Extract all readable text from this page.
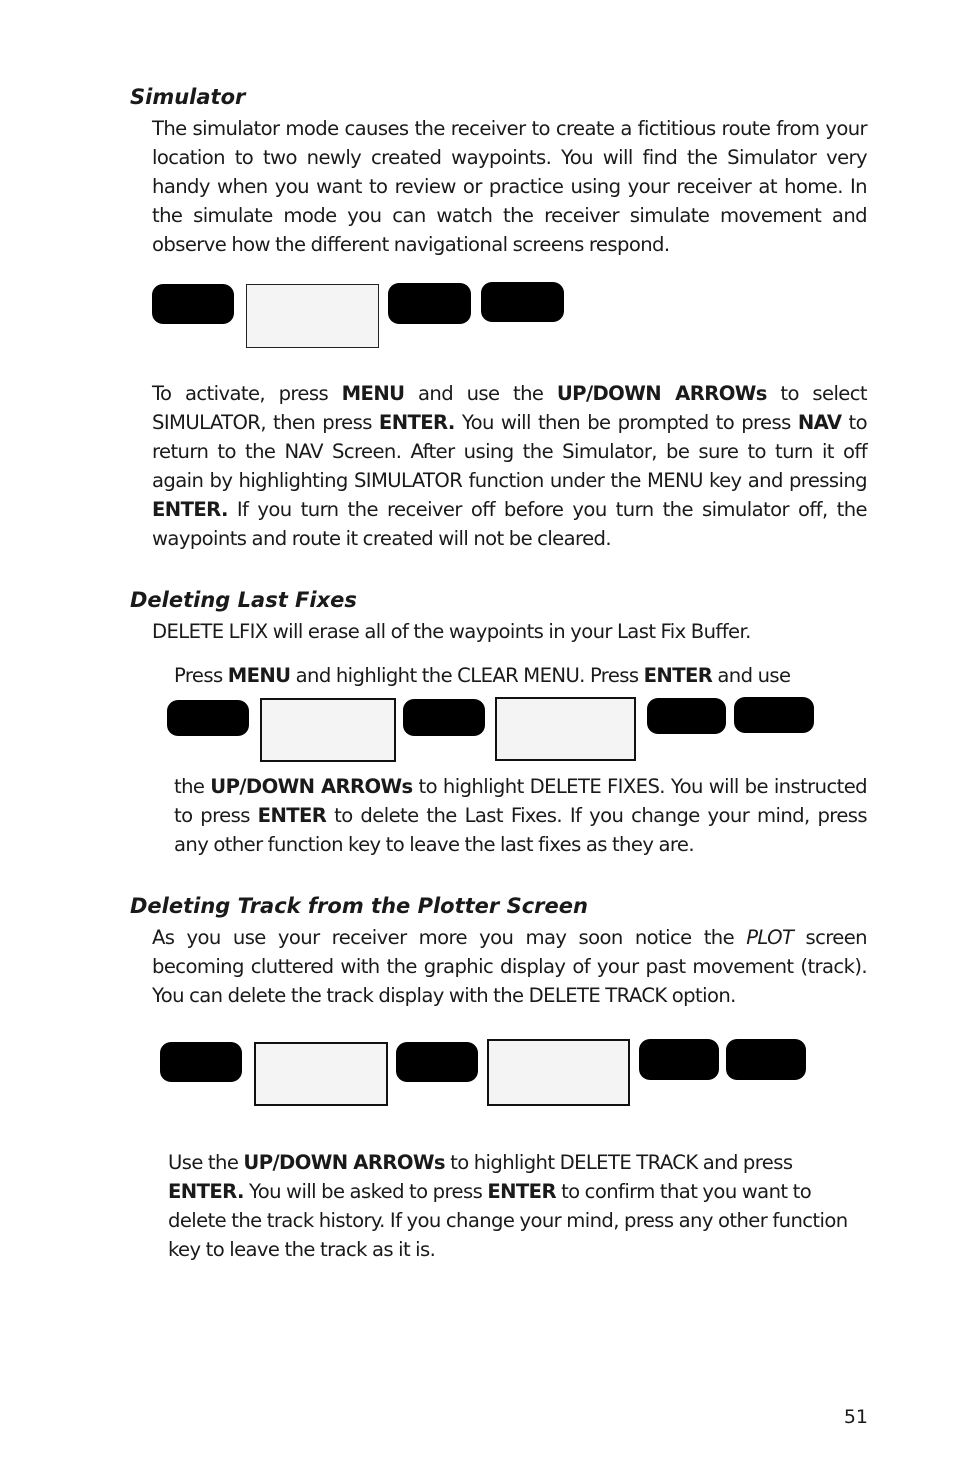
Simulator

The simulator mode causes the receiver to create a fictitious route from your location to two newly created waypoints. You will find the Simulator very handy when you want to review or practice using your receiver at home. In the simulate mode you can watch the receiver simulate movement and observe how the different navigational screens respond.

To activate, press MENU and use the UP/DOWN ARROWs to select SIMULATOR, then press ENTER. You will then be prompted to press NAV to return to the NAV Screen. After using the Simulator, be sure to turn it off again by highlighting SIMULATOR function under the MENU key and pressing ENTER. If you turn the receiver off before you turn the simulator off, the waypoints and route it created will not be cleared.

Deleting Last Fixes

DELETE LFIX will erase all of the waypoints in your Last Fix Buffer.

Press MENU and highlight the CLEAR MENU. Press ENTER and use

the UP/DOWN ARROWs to highlight DELETE FIXES. You will be instructed to press ENTER to delete the Last Fixes. If you change your mind, press any other function key to leave the last fixes as they are.

Deleting Track from the Plotter Screen

As you use your receiver more you may soon notice the PLOT screen becoming cluttered with the graphic display of your past movement (track). You can delete the track display with the DELETE TRACK option.

Use the UP/DOWN ARROWs to highlight DELETE TRACK and press ENTER. You will be asked to press ENTER to confirm that you want to delete the track history. If you change your mind, press any other function key to leave the track as it is.

51
